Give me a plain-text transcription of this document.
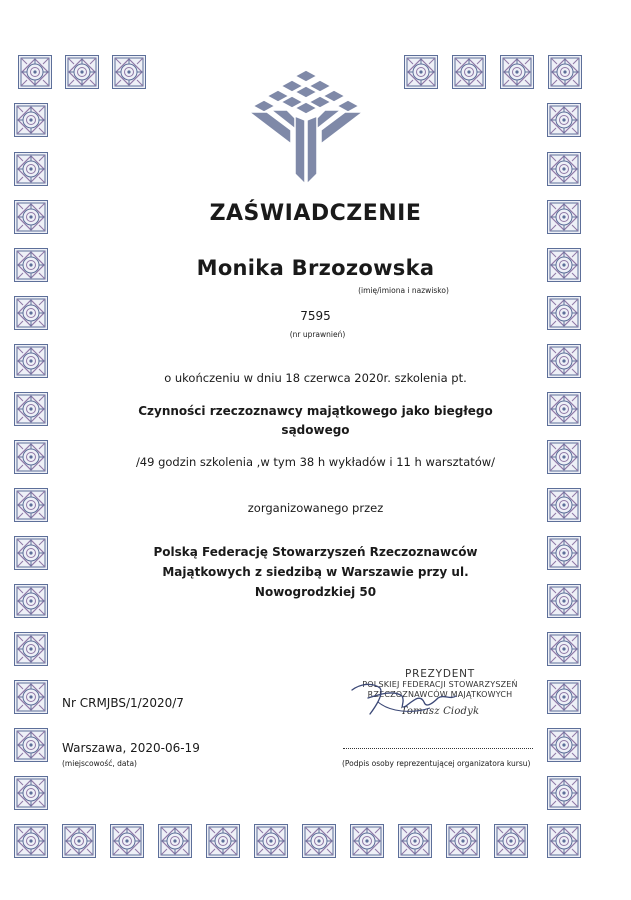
ZAŚWIADCZENIE
Monika Brzozowska
(imię/imiona i nazwisko)
7595
(nr uprawnień)
o ukończeniu w dniu 18 czerwca 2020r. szkolenia pt.
Czynności rzeczoznawcy majątkowego jako biegłego
sądowego
/49 godzin szkolenia ,w tym 38 h wykładów i 11 h warsztatów/
zorganizowanego przez
Polską Federację Stowarzyszeń Rzeczoznawców
Majątkowych z siedzibą w Warszawie przy ul.
Nowogrodzkiej 50
Nr CRMJBS/1/2020/7
Warszawa, 2020-06-19
(miejscowość, data)
PREZYDENT
POLSKIEJ FEDERACJI STOWARZYSZEŃ
RZECZOZNAWCÓW MAJĄTKOWYCH
Tomasz Ciodyk
(Podpis osoby reprezentującej organizatora kursu)
